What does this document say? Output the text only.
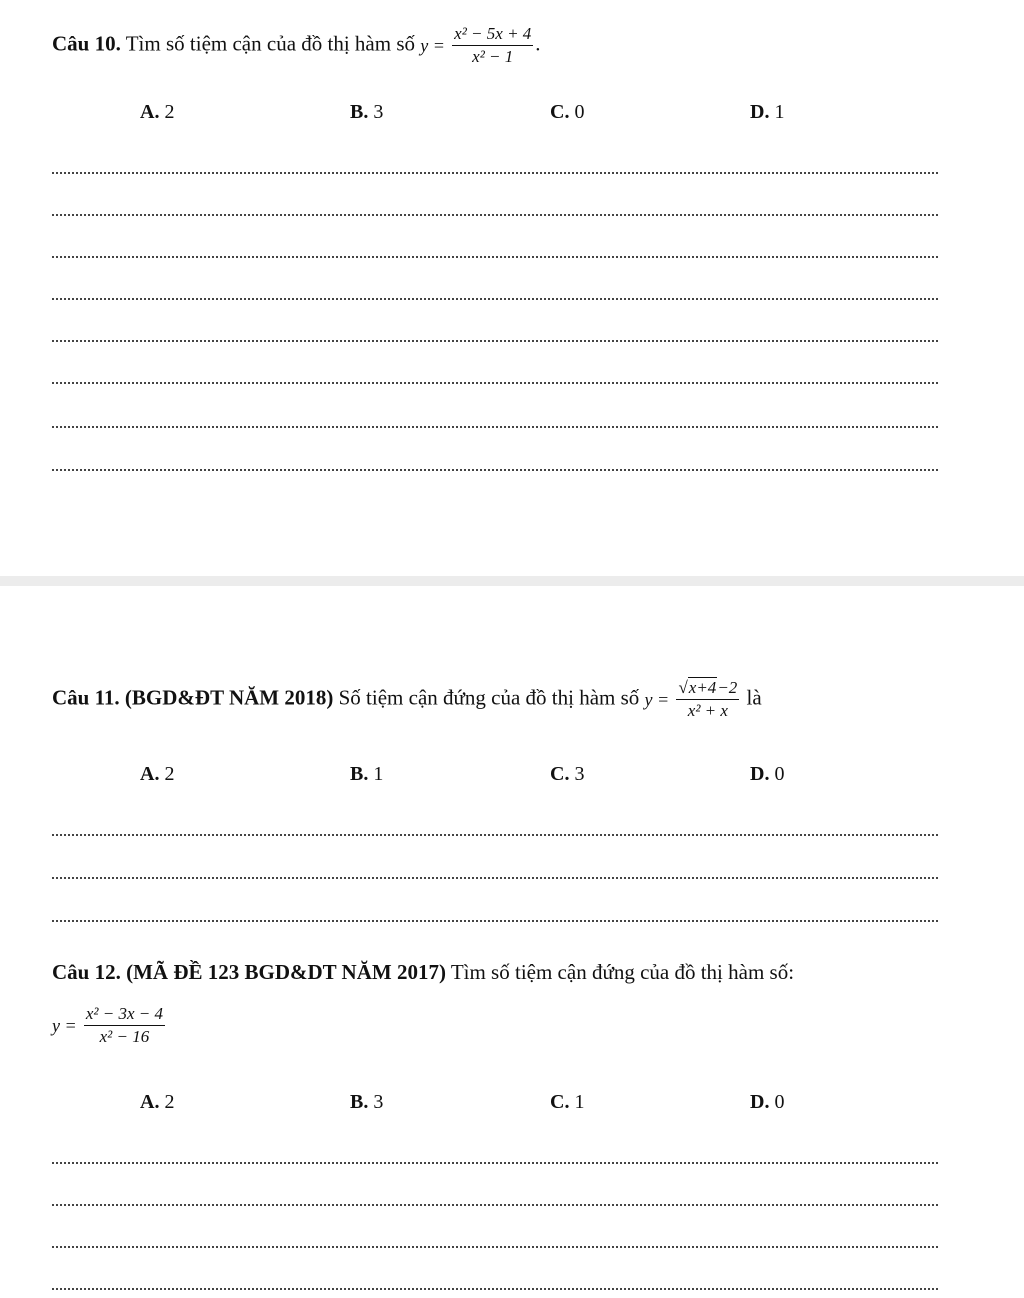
Câu 10. Tìm số tiệm cận của đồ thị hàm số $y = \frac{\text{x² − 5x + 4}}{\text{x² − 1}}$ .
A. 2	B. 3	C. 0	D. 1
Câu 11. (BGD&ĐT NĂM 2018) Số tiệm cận đứng của đồ thị hàm số $y = \frac{√x+4-2}{\text{x² + x}}$ là
A. 2	B. 1	C. 3	D. 0
Câu 12. (MÃ ĐỀ 123 BGD&DT NĂM 2017) Tìm số tiệm cận đứng của đồ thị hàm số:
$y = \frac{\text{x² − 3x − 4}}{\text{x² − 16}}$
A. 2	B. 3	C. 1	D. 0
